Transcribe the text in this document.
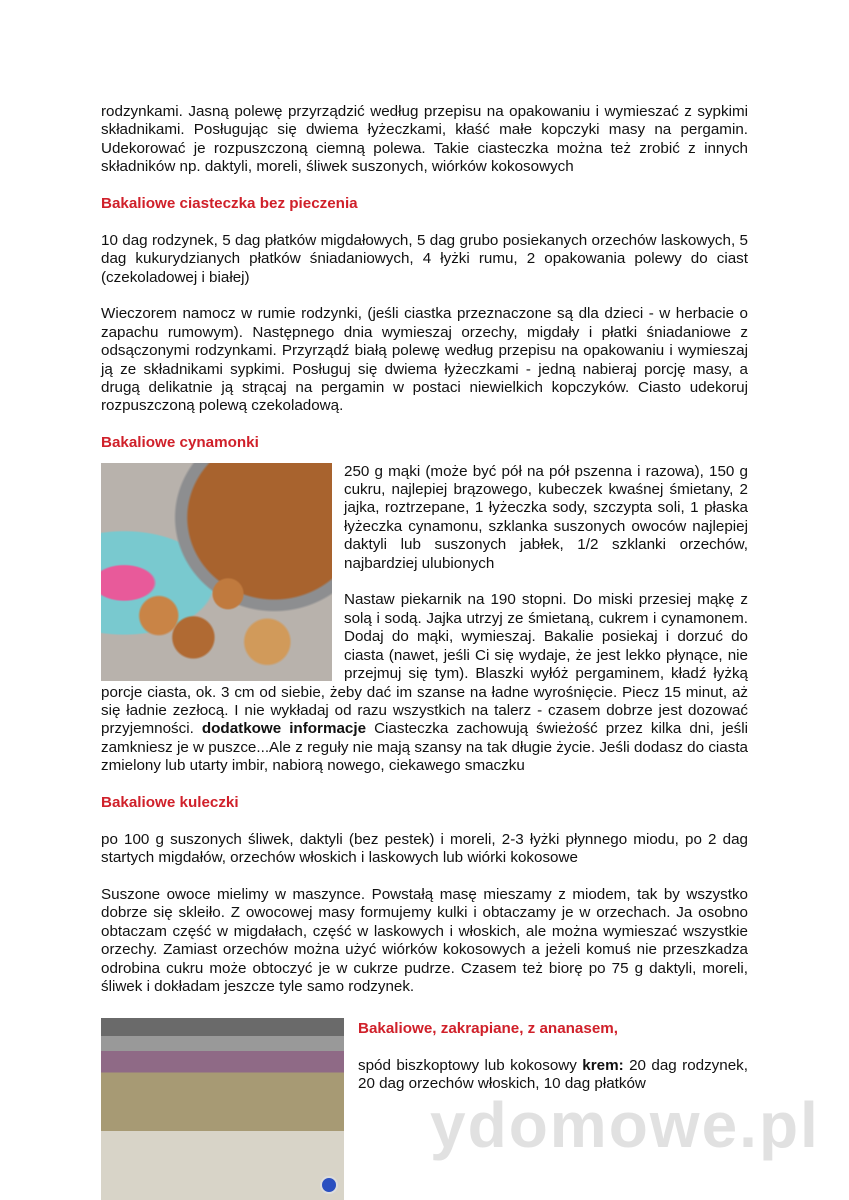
rodzynkami. Jasną polewę przyrządzić według przepisu na opakowaniu i wymieszać z sypkimi składnikami. Posługując się dwiema łyżeczkami, kłaść małe kopczyki masy na pergamin. Udekorować je rozpuszczoną ciemną polewa. Takie ciasteczka można też zrobić z innych składników np. daktyli, moreli, śliwek suszonych, wiórków kokosowych

Bakaliowe ciasteczka bez pieczenia

10 dag rodzynek, 5 dag płatków migdałowych, 5 dag grubo posiekanych orzechów laskowych, 5 dag kukurydzianych płatków śniadaniowych, 4 łyżki rumu, 2 opakowania polewy do ciast (czekoladowej i białej)

Wieczorem namocz w rumie rodzynki, (jeśli ciastka przeznaczone są dla dzieci - w herbacie o zapachu rumowym). Następnego dnia wymieszaj orzechy, migdały i płatki śniadaniowe z odsączonymi rodzynkami. Przyrządź białą polewę według przepisu na opakowaniu i wymieszaj ją ze składnikami sypkimi. Posługuj się dwiema łyżeczkami - jedną nabieraj porcję masy, a drugą delikatnie ją strącaj na pergamin w postaci niewielkich kopczyków. Ciasto udekoruj rozpuszczoną polewą czekoladową.

Bakaliowe cynamonki

250 g mąki (może być pół na pół pszenna i razowa), 150 g cukru, najlepiej brązowego, kubeczek kwaśnej śmietany, 2 jajka, roztrzepane, 1 łyżeczka sody, szczypta soli, 1 płaska łyżeczka cynamonu, szklanka suszonych owoców najlepiej daktyli lub suszonych jabłek, 1/2 szklanki orzechów, najbardziej ulubionych

Nastaw piekarnik na 190 stopni. Do miski przesiej mąkę z solą i sodą. Jajka utrzyj ze śmietaną, cukrem i cynamonem. Dodaj do mąki, wymieszaj. Bakalie posiekaj i dorzuć do ciasta (nawet, jeśli Ci się wydaje, że jest lekko płynące, nie przejmuj się tym). Blaszki wyłóż pergaminem, kładź łyżką porcje ciasta, ok. 3 cm od siebie, żeby dać im szanse na ładne wyrośnięcie. Piecz 15 minut, aż się ładnie zezłocą. I nie wykładaj od razu wszystkich na talerz - czasem dobrze jest dozować przyjemności. dodatkowe informacje Ciasteczka zachowują świeżość przez kilka dni, jeśli zamkniesz je w puszce...Ale z reguły nie mają szansy na tak długie życie. Jeśli dodasz do ciasta zmielony lub utarty imbir, nabiorą nowego, ciekawego smaczku

Bakaliowe kuleczki

po 100 g suszonych śliwek, daktyli (bez pestek) i moreli, 2-3 łyżki płynnego miodu, po 2 dag startych migdałów, orzechów włoskich i laskowych lub wiórki kokosowe

Suszone owoce mielimy w maszynce. Powstałą masę mieszamy z miodem, tak by wszystko dobrze się skleiło. Z owocowej masy formujemy kulki i obtaczamy je w orzechach. Ja osobno obtaczam część w migdałach, część w laskowych i włoskich, ale można wymieszać wszystkie orzechy. Zamiast orzechów można użyć wiórków kokosowych a jeżeli komuś nie przeszkadza odrobina cukru może obtoczyć je w cukrze pudrze. Czasem też biorę po 75 g daktyli, moreli, śliwek i dokładam jeszcze tyle samo rodzynek.

Bakaliowe, zakrapiane, z ananasem,

spód biszkoptowy lub kokosowy krem: 20 dag rodzynek, 20 dag orzechów włoskich, 10 dag płatków

ydomowe.pl
